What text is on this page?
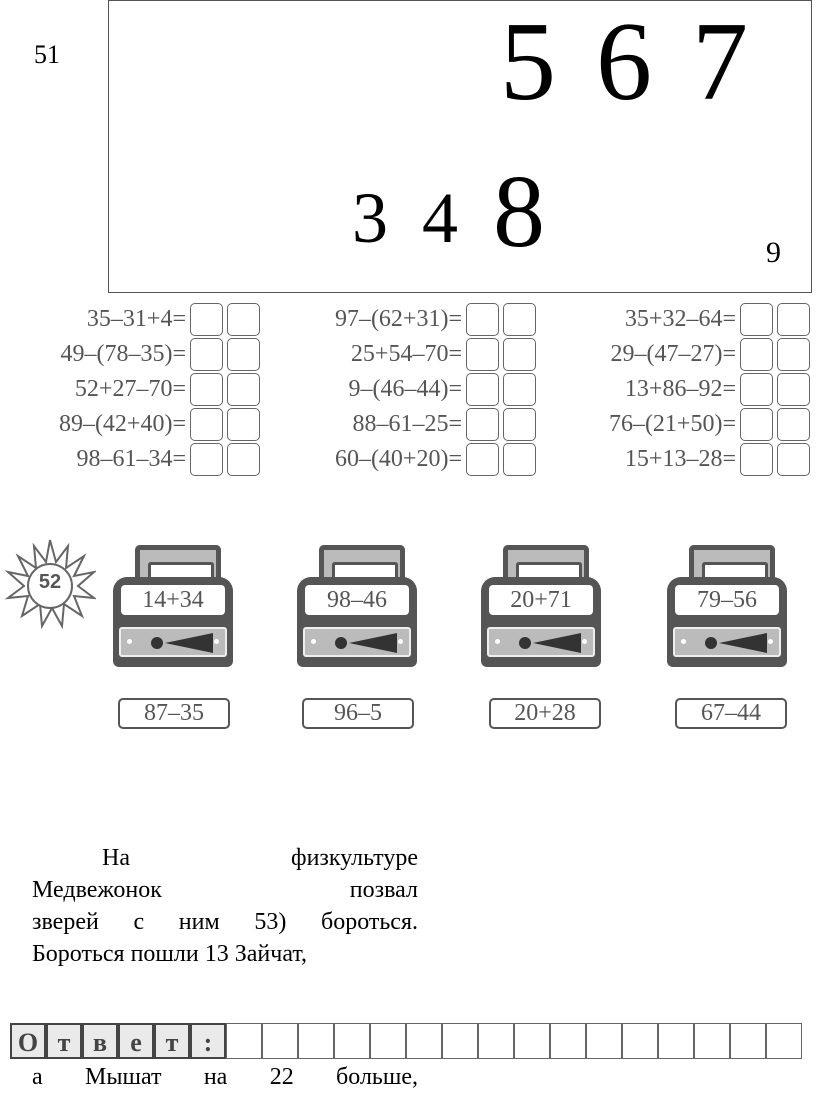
51	5 6 7
3 4 8	9
35–31+4=
49–(78–35)=
52+27–70=
89–(42+40)=
98–61–34=
97–(62+31)=
25+54–70=
9–(46–44)=
88–61–25=
60–(40+20)=
35+32–64=
29–(47–27)=
13+86–92=
76–(21+50)=
15+13–28=
52
14+34	98–46	20+71	79–56
87–35	96–5	20+28	67–44

На физкультуре

Медвежонок позвал

зверей с ним 53) бороться.

Бороться пошли 13 Зайчат,

О т в е т :
а Мышат на 22 больше,
